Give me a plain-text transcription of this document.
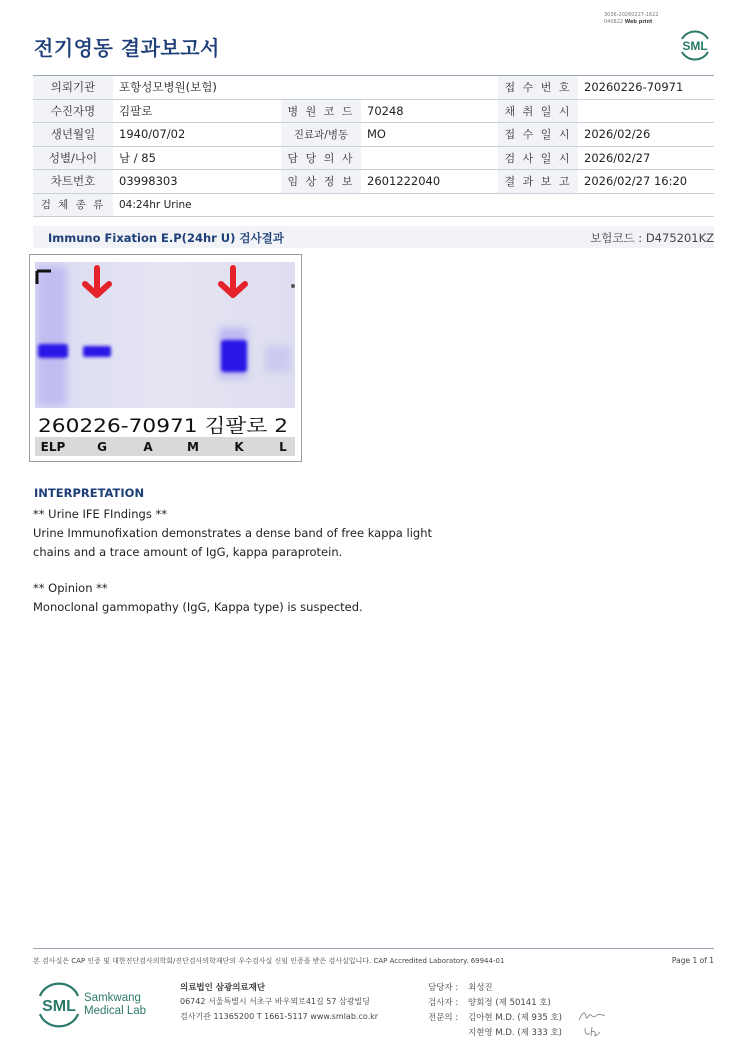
3036-20260227-1622
040822 Web print
전기영동 결과보고서	SML
의뢰기관	포항성모병원(보험)			접 수 번 호	20260226-70971
수진자명	김팔로	병 원 코 드	70248	채 취 일 시	
생년월일	1940/07/02	진료과/병동	MO	접 수 일 시	2026/02/26
성별/나이	남 / 85	담 당 의 사		검 사 일 시	2026/02/27
차트번호	03998303	임 상 정 보	2601222040	결 과 보 고	2026/02/27 16:20
검 체 종 류	04:24hr Urine				
Immuno Fixation E.P(24hr U) 검사결과	보험코드 : D475201KZ
260226-70971 김팔로 2
ELP	G	A	M	K	L
INTERPRETATION
** Urine IFE FIndings **
Urine Immunofixation demonstrates a dense band of free kappa light chains and a trace amount of IgG, kappa paraprotein.
** Opinion **
Monoclonal gammopathy (IgG, Kappa type) is suspected.
본 검사실은 CAP 인증 및 대한진단검사의학회/진단검사의학재단의 우수검사실 신임 인증을 받은 검사실입니다. CAP Accredited Laboratory. 69944-01	Page 1 of 1
SML Samkwang
Medical Lab
의료법인 삼광의료재단
06742 서울특별시 서초구 바우뫼로41길 57 삼광빌딩
검사기관 11365200 T 1661-5117 www.smlab.co.kr
담당자 : 최성진
검사자 : 양회정 (제 50141 호)
전문의 : 김아현 M.D. (제 935 호)
지현영 M.D. (제 333 호)
